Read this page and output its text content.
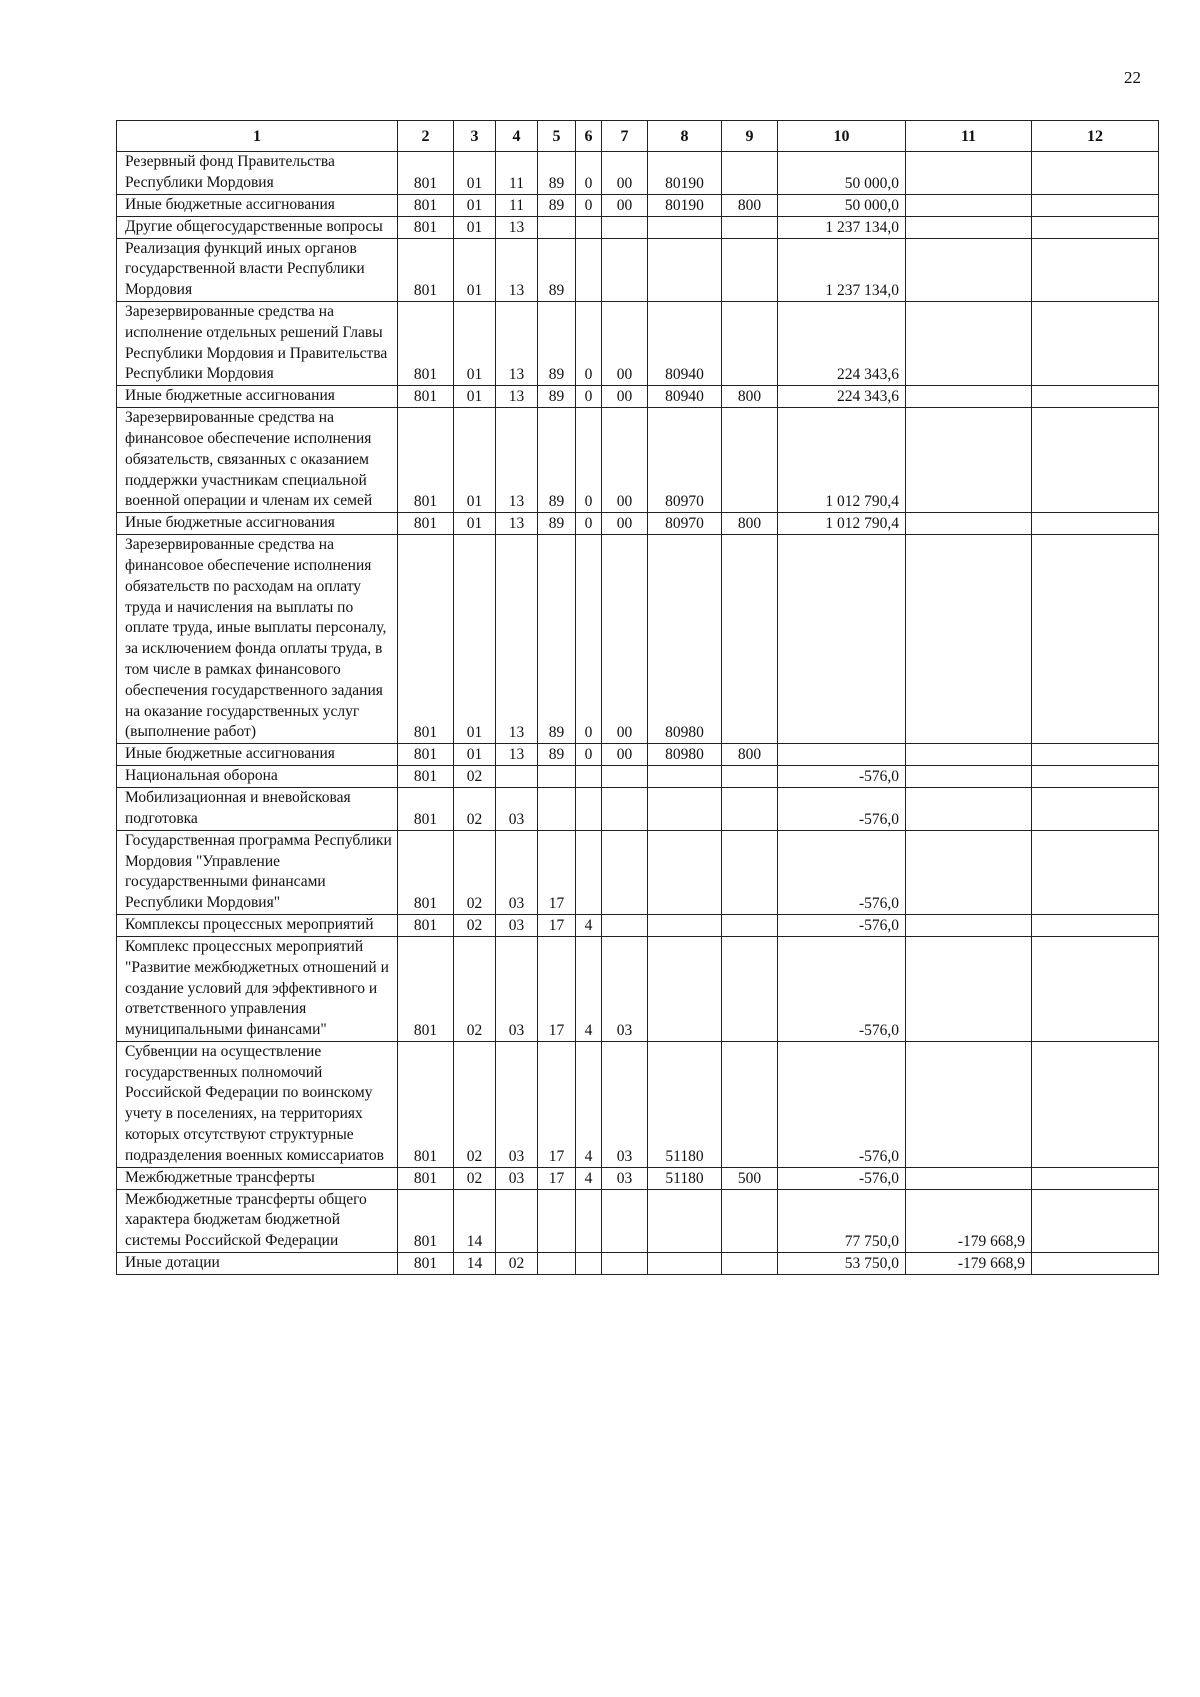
22
1	2	3	4	5	6	7	8	9	10	11	12
Резервный фонд Правительства Республики Мордовия	801	01	11	89	0	00	80190		50 000,0		
Иные бюджетные ассигнования	801	01	11	89	0	00	80190	800	50 000,0		
Другие общегосударственные вопросы	801	01	13						1 237 134,0		
Реализация функций иных органов государственной власти Республики Мордовия	801	01	13	89					1 237 134,0		
Зарезервированные средства на исполнение отдельных решений Главы Республики Мордовия и Правительства Республики Мордовия	801	01	13	89	0	00	80940		224 343,6		
Иные бюджетные ассигнования	801	01	13	89	0	00	80940	800	224 343,6		
Зарезервированные средства на финансовое обеспечение исполнения обязательств, связанных с оказанием поддержки участникам специальной военной операции и членам их семей	801	01	13	89	0	00	80970		1 012 790,4		
Иные бюджетные ассигнования	801	01	13	89	0	00	80970	800	1 012 790,4		
Зарезервированные средства на финансовое обеспечение исполнения обязательств по расходам на оплату труда и начисления на выплаты по оплате труда, иные выплаты персоналу, за исключением фонда оплаты труда, в том числе в рамках финансового обеспечения государственного задания на оказание государственных услуг (выполнение работ)	801	01	13	89	0	00	80980				
Иные бюджетные ассигнования	801	01	13	89	0	00	80980	800			
Национальная оборона	801	02							-576,0		
Мобилизационная и вневойсковая подготовка	801	02	03						-576,0		
Государственная программа Республики Мордовия "Управление государственными финансами Республики Мордовия"	801	02	03	17					-576,0		
Комплексы процессных мероприятий	801	02	03	17	4				-576,0		
Комплекс процессных мероприятий "Развитие межбюджетных отношений и создание условий для эффективного и ответственного управления муниципальными финансами"	801	02	03	17	4	03			-576,0		
Субвенции на осуществление государственных полномочий Российской Федерации по воинскому учету в поселениях, на территориях которых отсутствуют структурные подразделения военных комиссариатов	801	02	03	17	4	03	51180		-576,0		
Межбюджетные трансферты	801	02	03	17	4	03	51180	500	-576,0		
Межбюджетные трансферты общего характера бюджетам бюджетной системы Российской Федерации	801	14							77 750,0	-179 668,9	
Иные дотации	801	14	02						53 750,0	-179 668,9	
